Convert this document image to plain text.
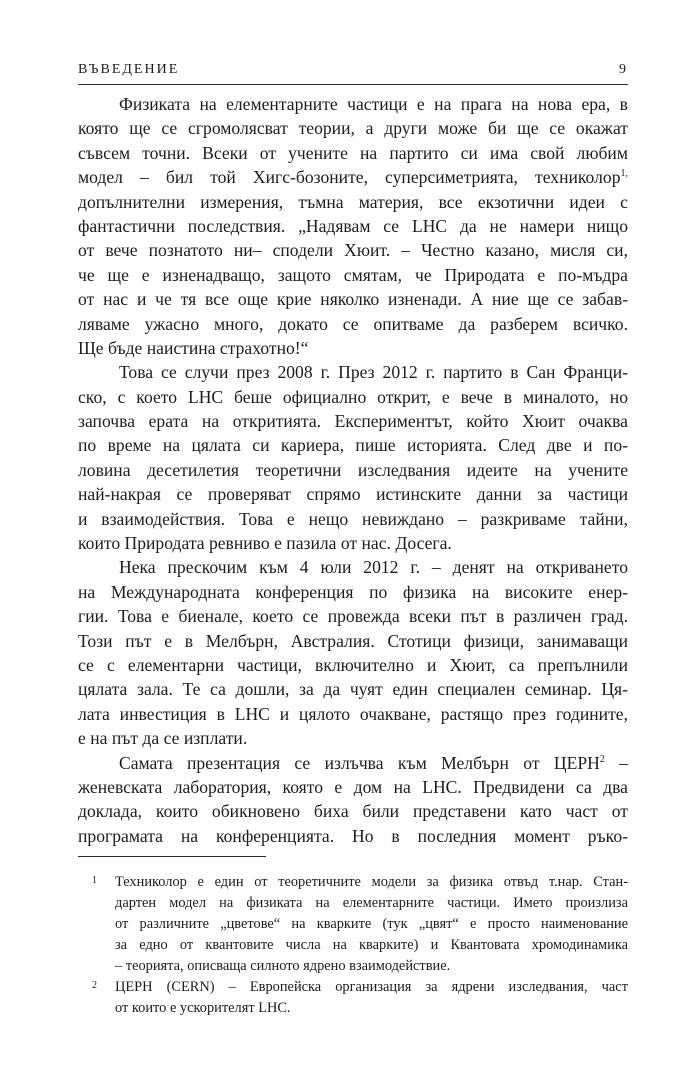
ВЪВЕДЕНИЕ	9
Физиката на елементарните частици е на прага на нова ера, в
която ще се сгромолясват теории, а други може би ще се окажат
съвсем точни. Всеки от учените на партито си има свой любим
модел – бил той Хигс-бозоните, суперсиметрията, техниколор$^{1,}$
допълнителни измерения, тъмна материя, все екзотични идеи с
фантастични последствия. „Надявам се LHC да не намери нищо
от вече познатото ни– сподели Хюит. – Честно казано, мисля си,
че ще е изненадващо, защото смятам, че Природата е по-мъдра
от нас и че тя все още крие няколко изненади. А ние ще се забав-
ляваме ужасно много, докато се опитваме да разберем всичко.
Ще бъде наистина страхотно!“
Това се случи през 2008 г. През 2012 г. партито в Сан Франци-
ско, с което LHC беше официално открит, е вече в миналото, но
започва ерата на откритията. Експериментът, който Хюит очаква
по време на цялата си кариера, пише историята. След две и по-
ловина десетилетия теоретични изследвания идеите на учените
най-накрая се проверяват спрямо истинските данни за частици
и взаимодействия. Това е нещо невиждано – разкриваме тайни,
които Природата ревниво е пазила от нас. Досега.
Нека прескочим към 4 юли 2012 г. – денят на откриването
на Международната конференция по физика на високите енер-
гии. Това е биенале, което се провежда всеки път в различен град.
Този път е в Мелбърн, Австралия. Стотици физици, занимаващи
се с елементарни частици, включително и Хюит, са препълнили
цялата зала. Те са дошли, за да чуят един специален семинар. Ця-
лата инвестиция в LHC и цялото очакване, растящо през годините,
е на път да се изплати.
Самата презентация се излъчва към Мелбърн от ЦЕРН$^2$ –
женевската лаборатория, която е дом на LHC. Предвидени са два
доклада, които обикновено биха били представени като част от
програмата на конференцията. Но в последния момент ръко-
1 Техниколор е един от теоретичните модели за физика отвъд т.нар. Стан-
дартен модел на физиката на елементарните частици. Името произлиза
от различните „цветове“ на кварките (тук „цвят“ е просто наименование
за едно от квантовите числа на кварките) и Квантовата хромодинамика
– теорията, описваща силното ядрено взаимодействие.
2 ЦЕРН (CERN) – Европейска организация за ядрени изследвания, част
от които е ускорителят LHC.
